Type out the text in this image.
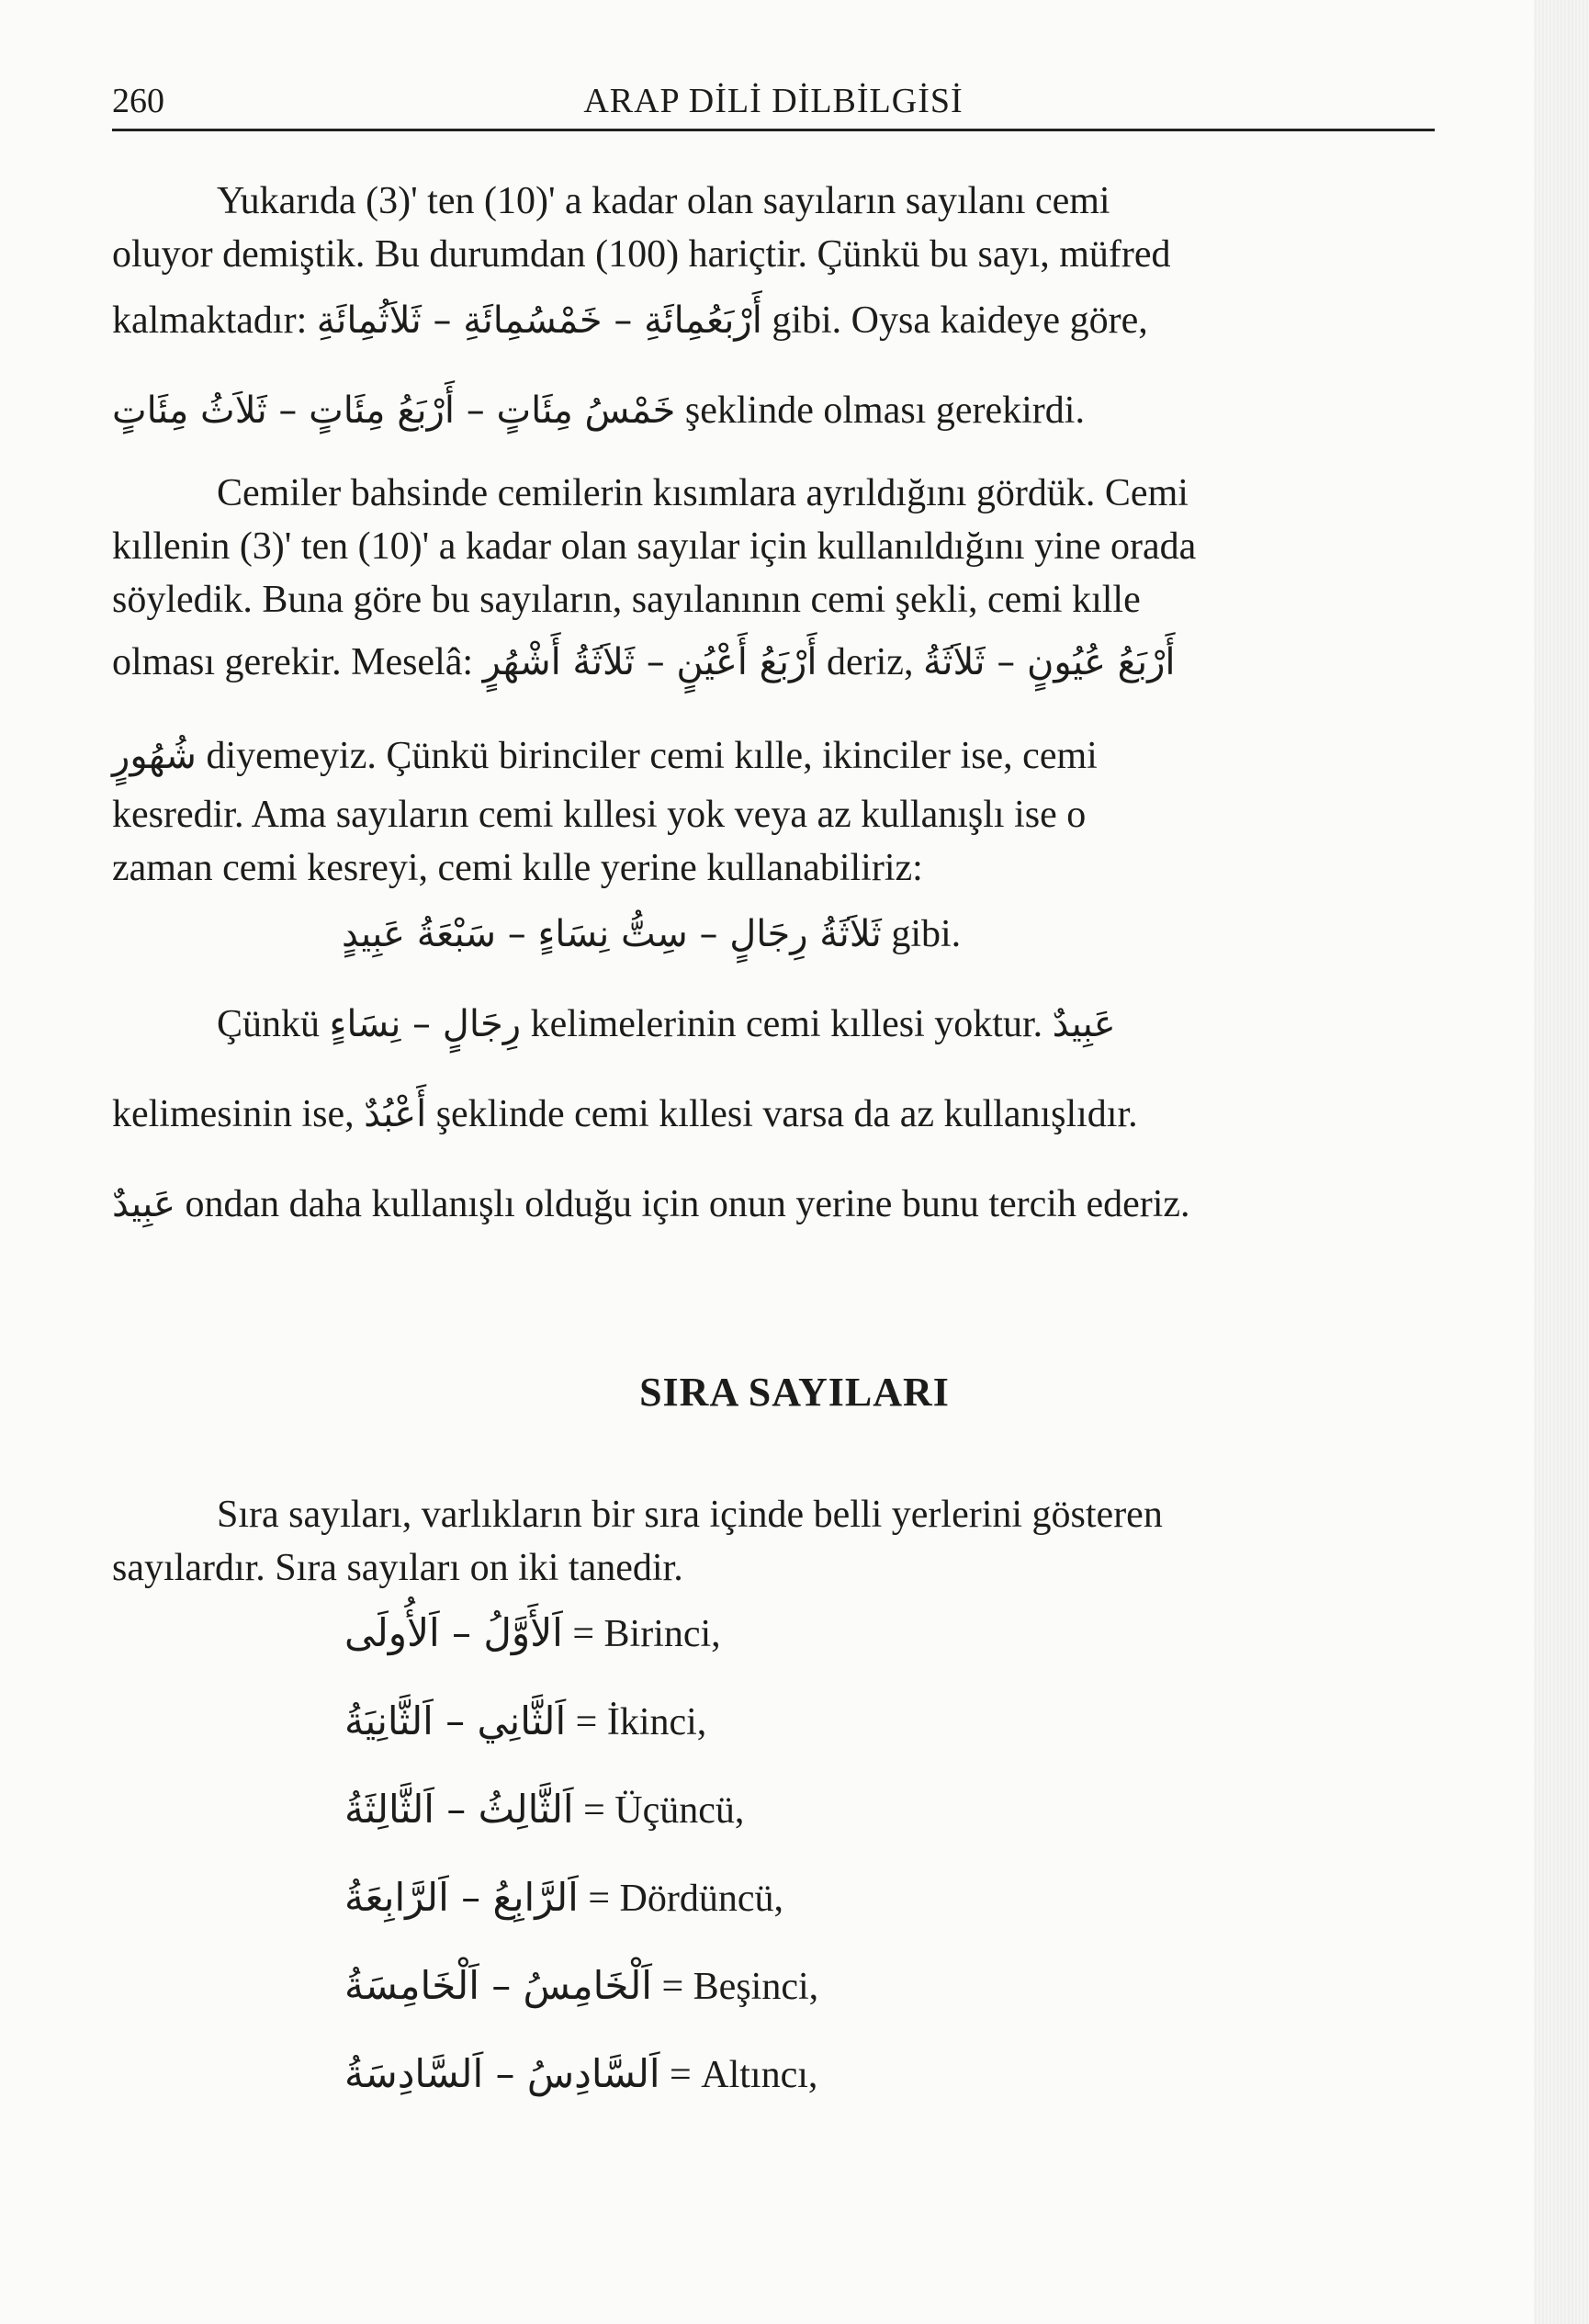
260	ARAP DİLİ DİLBİLGİSİ
Yukarıda (3)' ten (10)' a kadar olan sayıların sayılanı cemi
oluyor demiştik. Bu durumdan (100) hariçtir. Çünkü bu sayı, müfred
kalmaktadır: أَرْبَعُمِائَةِ – خَمْسُمِائَةِ – ثَلاَثُمِائَةِ gibi. Oysa kaideye göre,
خَمْسُ مِئَاتٍ – أَرْبَعُ مِئَاتٍ – ثَلاَثُ مِئَاتٍ şeklinde olması gerekirdi.
Cemiler bahsinde cemilerin kısımlara ayrıldığını gördük. Cemi
kıllenin (3)' ten (10)' a kadar olan sayılar için kullanıldığını yine orada
söyledik. Buna göre bu sayıların, sayılanının cemi şekli, cemi kılle
olması gerekir. Meselâ: أَرْبَعُ أَعْيُنٍ – ثَلاَثَةُ أَشْهُرٍ deriz, أَرْبَعُ عُيُونٍ – ثَلاَثَةُ
شُهُورٍ diyemeyiz. Çünkü birinciler cemi kılle, ikinciler ise, cemi
kesredir. Ama sayıların cemi kıllesi yok veya az kullanışlı ise o
zaman cemi kesreyi, cemi kılle yerine kullanabiliriz:
ثَلاَثَةُ رِجَالٍ – سِتُّ نِسَاءٍ – سَبْعَةُ عَبِيدٍ gibi.
Çünkü رِجَالٍ – نِسَاءٍ kelimelerinin cemi kıllesi yoktur. عَبِيدٌ
kelimesinin ise, أَعْبُدٌ şeklinde cemi kıllesi varsa da az kullanışlıdır.
عَبِيدٌ ondan daha kullanışlı olduğu için onun yerine bunu tercih ederiz.
SIRA SAYILARI
Sıra sayıları, varlıkların bir sıra içinde belli yerlerini gösteren
sayılardır. Sıra sayıları on iki tanedir.
اَلأَوَّلُ – اَلأُولَى = Birinci,
اَلثَّانِي – اَلثَّانِيَةُ = İkinci,
اَلثَّالِثُ – اَلثَّالِثَةُ = Üçüncü,
اَلرَّابِعُ – اَلرَّابِعَةُ = Dördüncü,
اَلْخَامِسُ – اَلْخَامِسَةُ = Beşinci,
اَلسَّادِسُ – اَلسَّادِسَةُ = Altıncı,
